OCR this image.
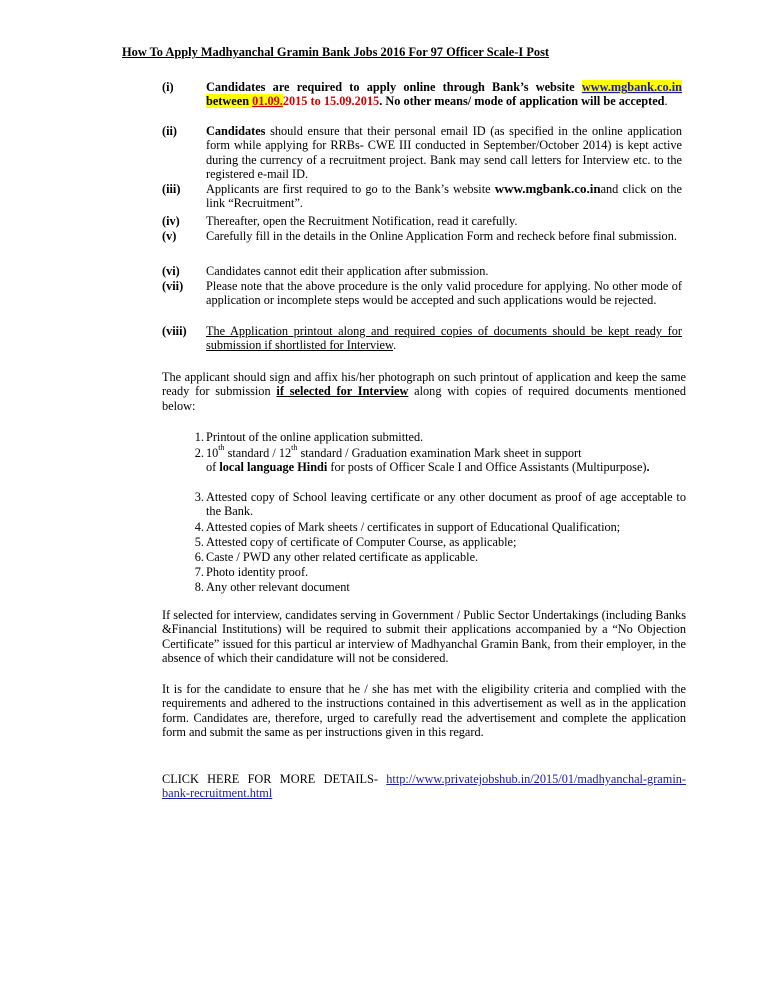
How To Apply Madhyanchal Gramin Bank Jobs 2016 For 97 Officer Scale-I Post
(i)	Candidates are required to apply online through Bank’s website www.mgbank.co.in between 01.09.2015 to 15.09.2015. No other means/ mode of application will be accepted.
(ii) Candidates should ensure that their personal email ID (as specified in the online application form while applying for RRBs- CWE III conducted in September/October 2014) is kept active during the currency of a recruitment project. Bank may send call letters for Interview etc. to the registered e-mail ID.
(iii) Applicants are first required to go to the Bank’s website www.mgbank.co.inand click on the link “Recruitment”.
(iv) Thereafter, open the Recruitment Notification, read it carefully.
(v) Carefully fill in the details in the Online Application Form and recheck before final submission.
(vi) Candidates cannot edit their application after submission.
(vii) Please note that the above procedure is the only valid procedure for applying. No other mode of application or incomplete steps would be accepted and such applications would be rejected.
(viii) The Application printout along and required copies of documents should be kept ready for submission if shortlisted for Interview.
The applicant should sign and affix his/her photograph on such printout of application and keep the same ready for submission if selected for Interview along with copies of required documents mentioned below:
1. Printout of the online application submitted.
2. 10th standard / 12th standard / Graduation examination Mark sheet in support
of local language Hindi for posts of Officer Scale I and Office Assistants (Multipurpose).
3. Attested copy of School leaving certificate or any other document as proof of age acceptable to the Bank.
4. Attested copies of Mark sheets / certificates in support of Educational Qualification;
5. Attested copy of certificate of Computer Course, as applicable;
6. Caste / PWD any other related certificate as applicable.
7. Photo identity proof.
8. Any other relevant document
If selected for interview, candidates serving in Government / Public Sector Undertakings (including Banks &Financial Institutions) will be required to submit their applications accompanied by a “No Objection Certificate” issued for this particul ar interview of Madhyanchal Gramin Bank, from their employer, in the absence of which their candidature will not be considered.
It is for the candidate to ensure that he / she has met with the eligibility criteria and complied with the requirements and adhered to the instructions contained in this advertisement as well as in the application form. Candidates are, therefore, urged to carefully read the advertisement and complete the application form and submit the same as per instructions given in this regard.
CLICK HERE FOR MORE DETAILS- http://www.privatejobshub.in/2015/01/madhyanchal-gramin-bank-recruitment.html
